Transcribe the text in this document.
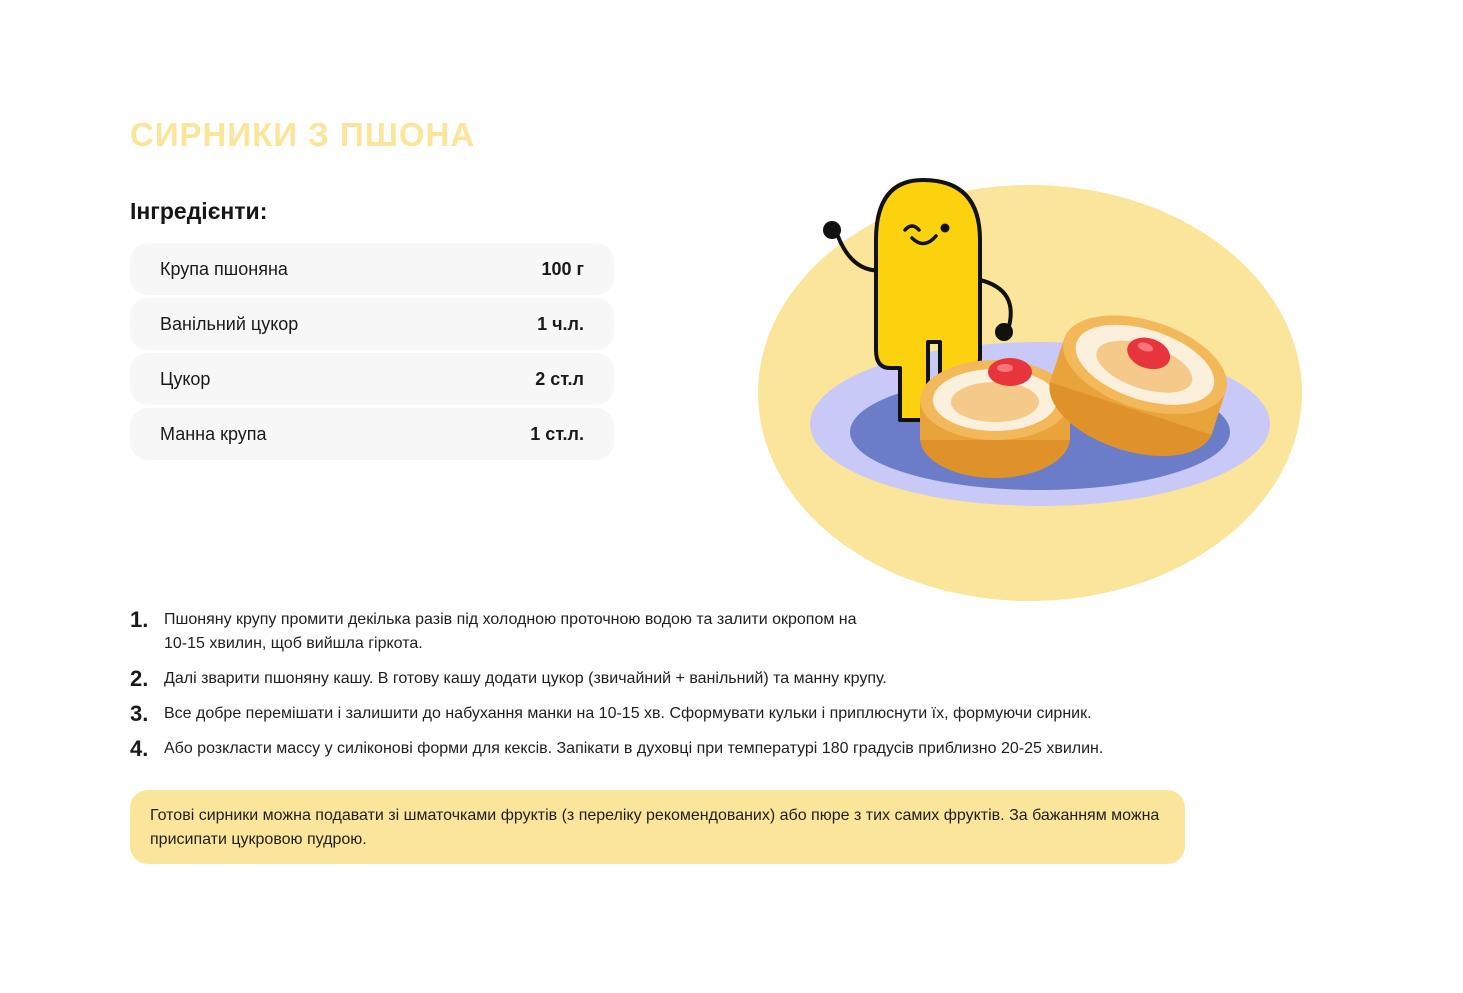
СИРНИКИ З ПШОНА
Інгредієнти:
Крупа пшоняна	100 г
Ванільний цукор	1 ч.л.
Цукор	2 ст.л
Манна крупа	1 ст.л.
1. Пшоняну крупу промити декілька разів під холодною проточною водою та залити окропом на 10-15 хвилин, щоб вийшла гіркота.
2. Далі зварити пшоняну кашу. В готову кашу додати цукор (звичайний + ванільний) та манну крупу.
3. Все добре перемішати і залишити до набухання манки на 10-15 хв. Сформувати кульки і приплюснути їх, формуючи сирник.
4. Або розкласти массу у силіконові форми для кексів. Запікати в духовці при температурі 180 градусів приблизно 20-25 хвилин.
Готові сирники можна подавати зі шматочками фруктів (з переліку рекомендованих) або пюре з тих самих фруктів. За бажанням можна присипати цукровою пудрою.
